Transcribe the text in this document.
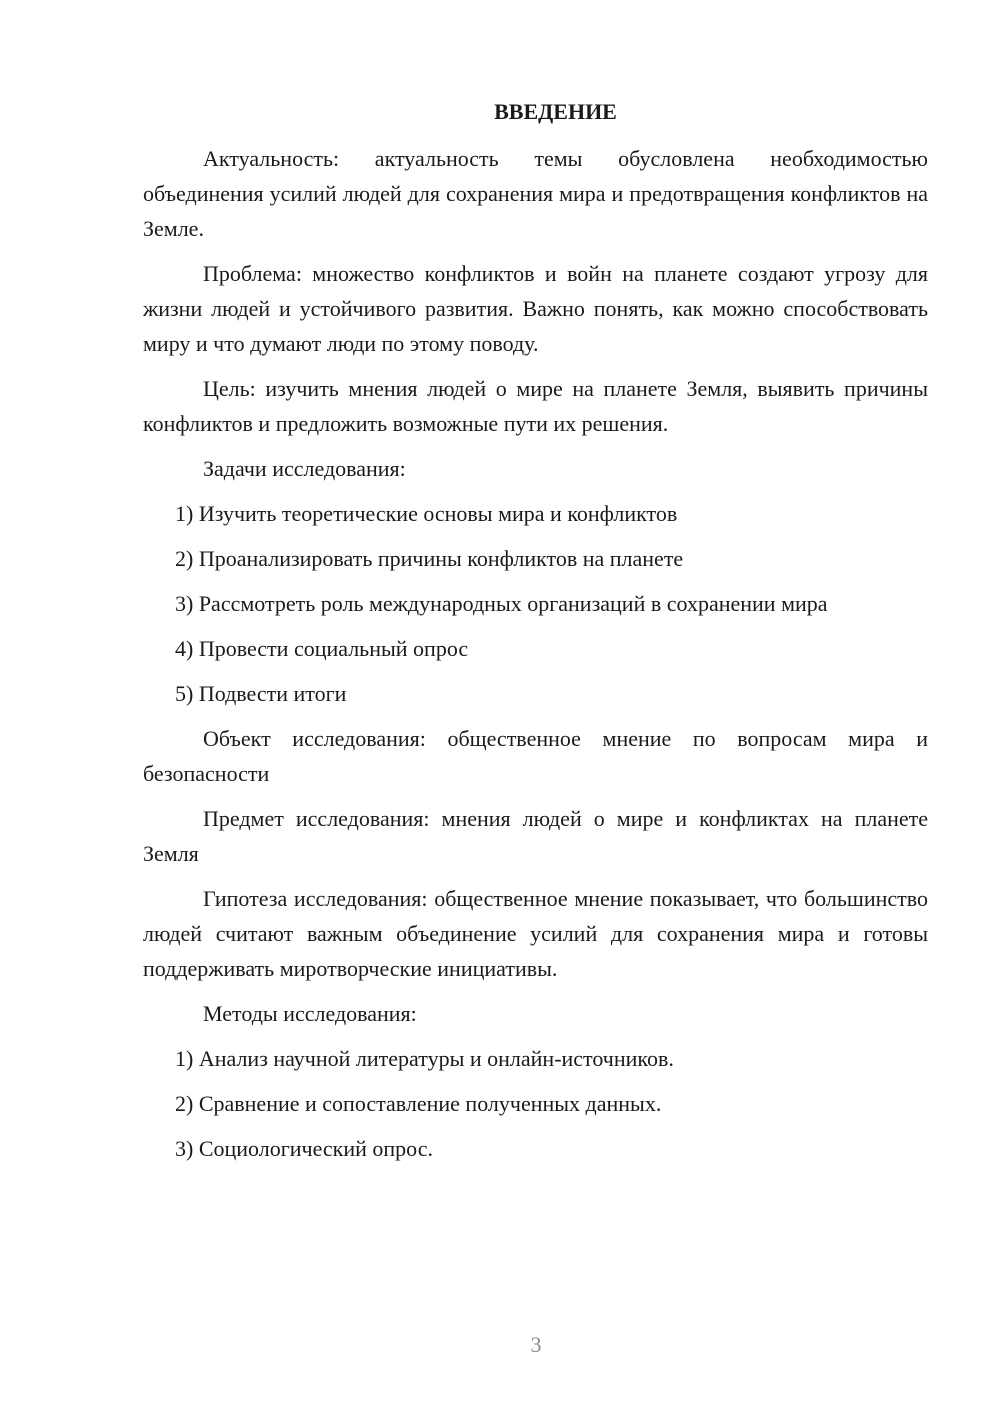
ВВЕДЕНИЕ

Актуальность: актуальность темы обусловлена необходимостью объединения усилий людей для сохранения мира и предотвращения конфликтов на Земле.

Проблема: множество конфликтов и войн на планете создают угрозу для жизни людей и устойчивого развития. Важно понять, как можно способствовать миру и что думают люди по этому поводу.

Цель: изучить мнения людей о мире на планете Земля, выявить причины конфликтов и предложить возможные пути их решения.

Задачи исследования:

1) Изучить теоретические основы мира и конфликтов

2) Проанализировать причины конфликтов на планете

3) Рассмотреть роль международных организаций в сохранении мира

4) Провести социальный опрос

5) Подвести итоги

Объект исследования: общественное мнение по вопросам мира и безопасности

Предмет исследования: мнения людей о мире и конфликтах на планете Земля

Гипотеза исследования: общественное мнение показывает, что большинство людей считают важным объединение усилий для сохранения мира и готовы поддерживать миротворческие инициативы.

Методы исследования:

1) Анализ научной литературы и онлайн-источников.

2) Сравнение и сопоставление полученных данных.

3) Социологический опрос.

3
